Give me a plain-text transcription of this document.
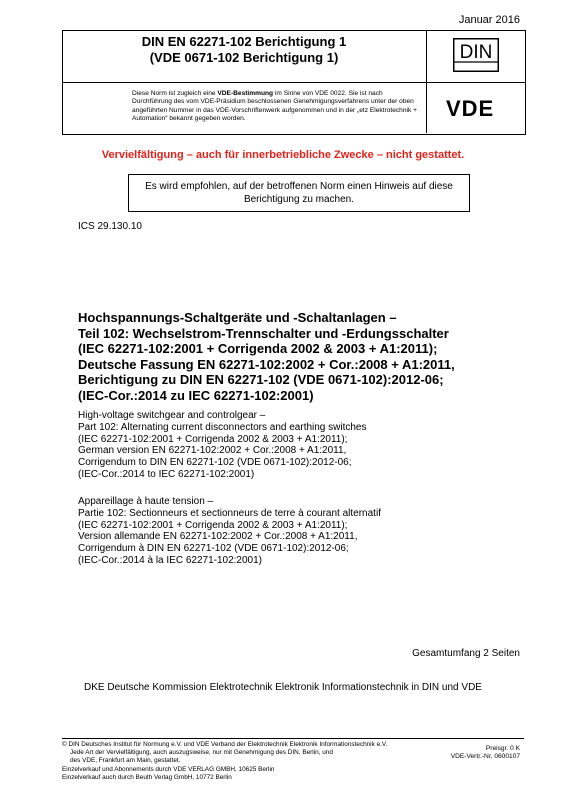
Januar 2016
DIN EN 62271-102 Berichtigung 1
(VDE 0671-102 Berichtigung 1)	DIN
VDE
Diese Norm ist zugleich eine VDE-Bestimmung im Sinne von VDE 0022. Sie ist nach Durchführung des vom VDE-Präsidium beschlossenen Genehmigungsverfahrens unter der oben angeführten Nummer in das VDE-Vorschriftenwerk aufgenommen und in der „etz Elektrotechnik + Automation“ bekannt gegeben worden.
Vervielfältigung – auch für innerbetriebliche Zwecke – nicht gestattet.
Es wird empfohlen, auf der betroffenen Norm einen Hinweis auf diese Berichtigung zu machen.
ICS 29.130.10
Hochspannungs-Schaltgeräte und -Schaltanlagen –
Teil 102: Wechselstrom-Trennschalter und -Erdungsschalter
(IEC 62271-102:2001 + Corrigenda 2002 & 2003 + A1:2011);
Deutsche Fassung EN 62271-102:2002 + Cor.:2008 + A1:2011,
Berichtigung zu DIN EN 62271-102 (VDE 0671-102):2012-06;
(IEC-Cor.:2014 zu IEC 62271-102:2001)
High-voltage switchgear and controlgear –
Part 102: Alternating current disconnectors and earthing switches
(IEC 62271-102:2001 + Corrigenda 2002 & 2003 + A1:2011);
German version EN 62271-102:2002 + Cor.:2008 + A1:2011,
Corrigendum to DIN EN 62271-102 (VDE 0671-102):2012-06;
(IEC-Cor.:2014 to IEC 62271-102:2001)
Appareillage à haute tension –
Partie 102: Sectionneurs et sectionneurs de terre à courant alternatif
(IEC 62271-102:2001 + Corrigenda 2002 & 2003 + A1:2011);
Version allemande EN 62271-102:2002 + Cor.:2008 + A1:2011,
Corrigendum à DIN EN 62271-102 (VDE 0671-102):2012-06;
(IEC-Cor.:2014 à la IEC 62271-102:2001)
Gesamtumfang 2 Seiten
DKE Deutsche Kommission Elektrotechnik Elektronik Informationstechnik in DIN und VDE
© DIN Deutsches Institut für Normung e.V. und VDE Verband der Elektrotechnik Elektronik Informationstechnik e.V.
Jede Art der Vervielfältigung, auch auszugsweise, nur mit Genehmigung des DIN, Berlin, und
des VDE, Frankfurt am Main, gestattet.
Einzelverkauf und Abonnements durch VDE VERLAG GMBH, 10625 Berlin
Einzelverkauf auch durch Beuth Verlag GmbH, 10772 Berlin
Preisgr. 0 K
VDE-Vertr.-Nr. 0600107
